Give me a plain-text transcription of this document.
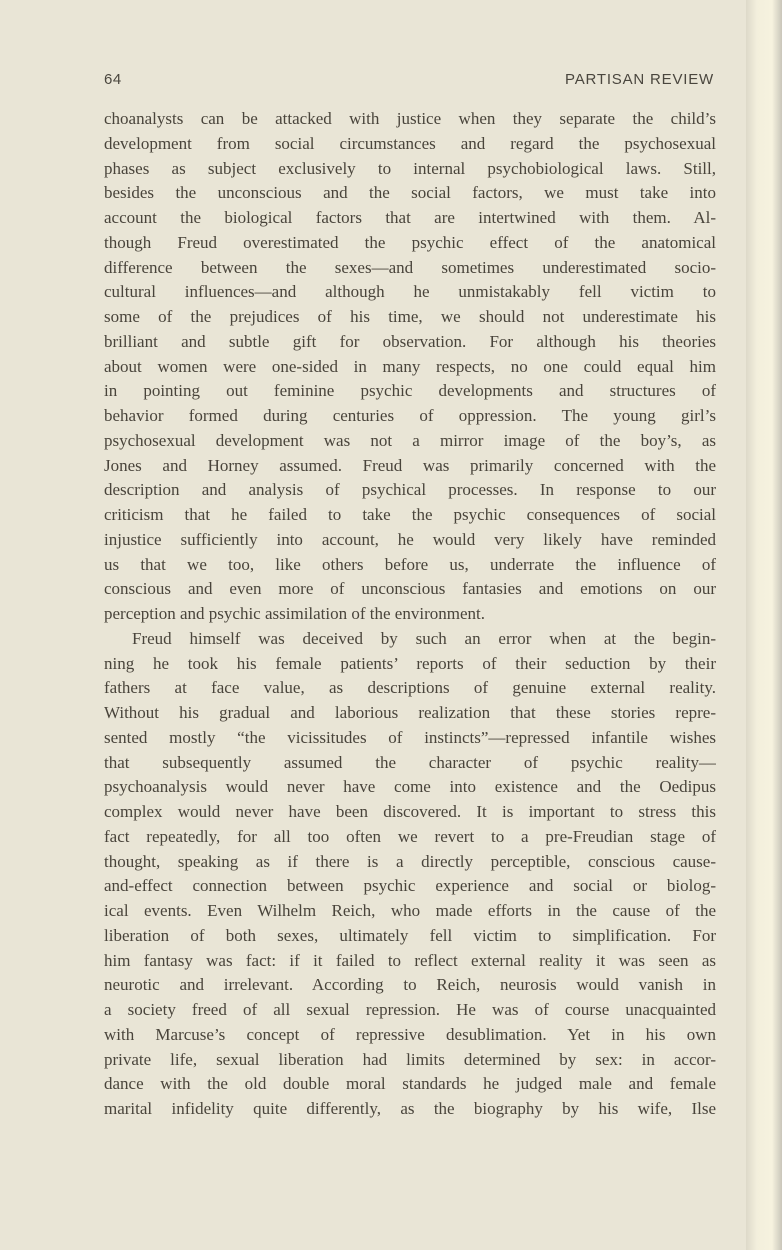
64	PARTISAN REVIEW
choanalysts can be attacked with justice when they separate the child’s
development from social circumstances and regard the psychosexual
phases as subject exclusively to internal psychobiological laws. Still,
besides the unconscious and the social factors, we must take into
account the biological factors that are intertwined with them. Al-
though Freud overestimated the psychic effect of the anatomical
difference between the sexes—and sometimes underestimated socio-
cultural influences—and although he unmistakably fell victim to
some of the prejudices of his time, we should not underestimate his
brilliant and subtle gift for observation. For although his theories
about women were one-sided in many respects, no one could equal him
in pointing out feminine psychic developments and structures of
behavior formed during centuries of oppression. The young girl’s
psychosexual development was not a mirror image of the boy’s, as
Jones and Horney assumed. Freud was primarily concerned with the
description and analysis of psychical processes. In response to our
criticism that he failed to take the psychic consequences of social
injustice sufficiently into account, he would very likely have reminded
us that we too, like others before us, underrate the influence of
conscious and even more of unconscious fantasies and emotions on our
perception and psychic assimilation of the environment.
Freud himself was deceived by such an error when at the begin-
ning he took his female patients’ reports of their seduction by their
fathers at face value, as descriptions of genuine external reality.
Without his gradual and laborious realization that these stories repre-
sented mostly “the vicissitudes of instincts”—repressed infantile wishes
that subsequently assumed the character of psychic reality—
psychoanalysis would never have come into existence and the Oedipus
complex would never have been discovered. It is important to stress this
fact repeatedly, for all too often we revert to a pre-Freudian stage of
thought, speaking as if there is a directly perceptible, conscious cause-
and-effect connection between psychic experience and social or biolog-
ical events. Even Wilhelm Reich, who made efforts in the cause of the
liberation of both sexes, ultimately fell victim to simplification. For
him fantasy was fact: if it failed to reflect external reality it was seen as
neurotic and irrelevant. According to Reich, neurosis would vanish in
a society freed of all sexual repression. He was of course unacquainted
with Marcuse’s concept of repressive desublimation. Yet in his own
private life, sexual liberation had limits determined by sex: in accor-
dance with the old double moral standards he judged male and female
marital infidelity quite differently, as the biography by his wife, Ilse
